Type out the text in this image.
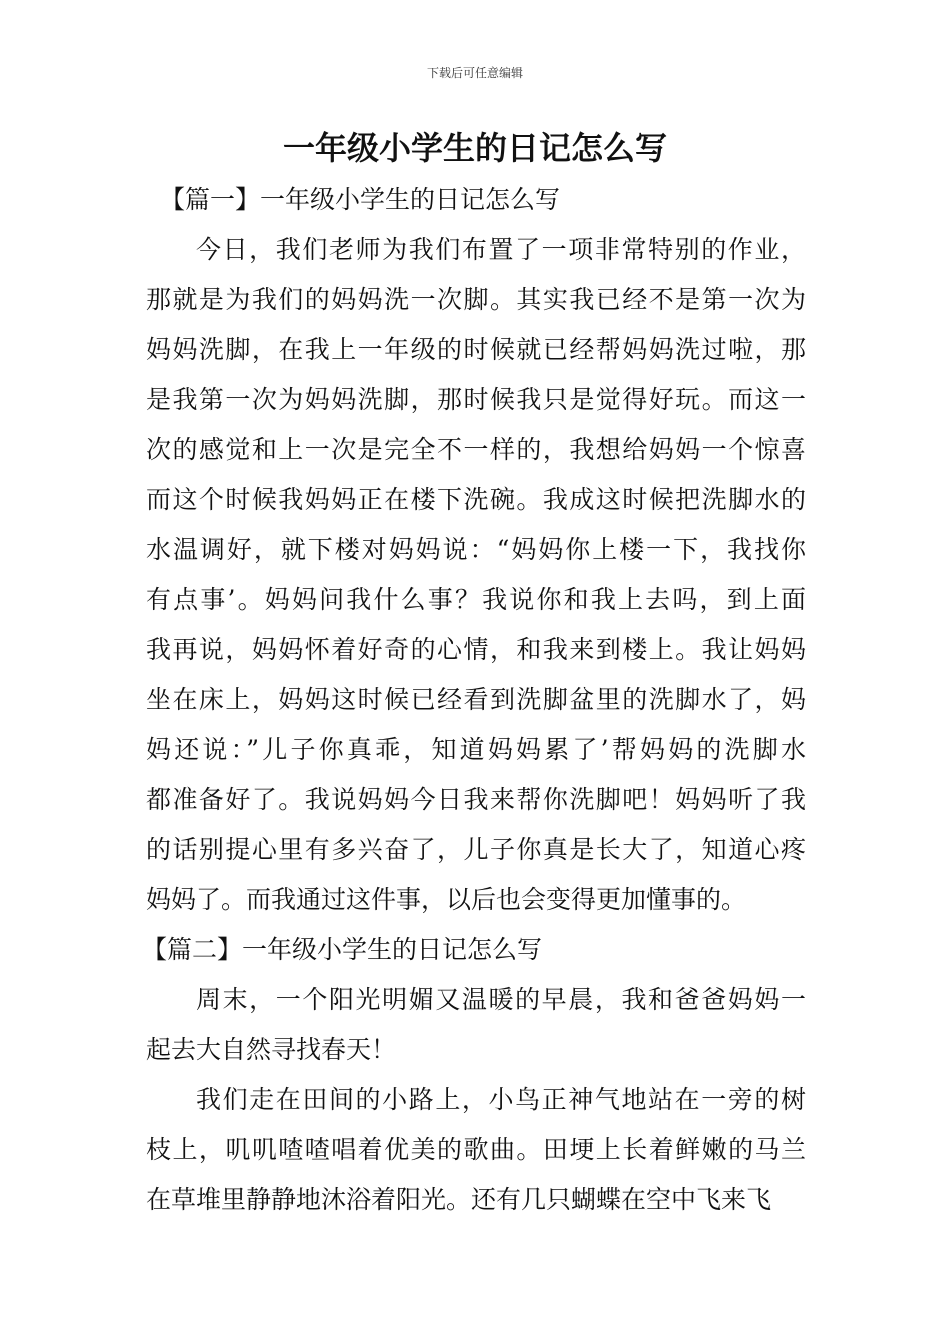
下载后可任意编辑
一年级小学生的日记怎么写
【篇一】一年级小学生的日记怎么写
今日，我们老师为我们布置了一项非常特别的作业，
那就是为我们的妈妈洗一次脚。其实我已经不是第一次为
妈妈洗脚，在我上一年级的时候就已经帮妈妈洗过啦，那
是我第一次为妈妈洗脚，那时候我只是觉得好玩。而这一
次的感觉和上一次是完全不一样的，我想给妈妈一个惊喜
而这个时候我妈妈正在楼下洗碗。我成这时候把洗脚水的
水温调好，就下楼对妈妈说：“妈妈你上楼一下，我找你
有点事’。妈妈问我什么事？我说你和我上去吗，到上面
我再说，妈妈怀着好奇的心情，和我来到楼上。我让妈妈
坐在床上，妈妈这时候已经看到洗脚盆里的洗脚水了，妈
妈还说：”儿子你真乖，知道妈妈累了’帮妈妈的洗脚水
都准备好了。我说妈妈今日我来帮你洗脚吧！妈妈听了我
的话别提心里有多兴奋了，儿子你真是长大了，知道心疼
妈妈了。而我通过这件事，以后也会变得更加懂事的。
【篇二】一年级小学生的日记怎么写
周末，一个阳光明媚又温暖的早晨，我和爸爸妈妈一
起去大自然寻找春天！
我们走在田间的小路上，小鸟正神气地站在一旁的树
枝上，叽叽喳喳唱着优美的歌曲。田埂上长着鲜嫩的马兰
在草堆里静静地沐浴着阳光。还有几只蝴蝶在空中飞来飞
